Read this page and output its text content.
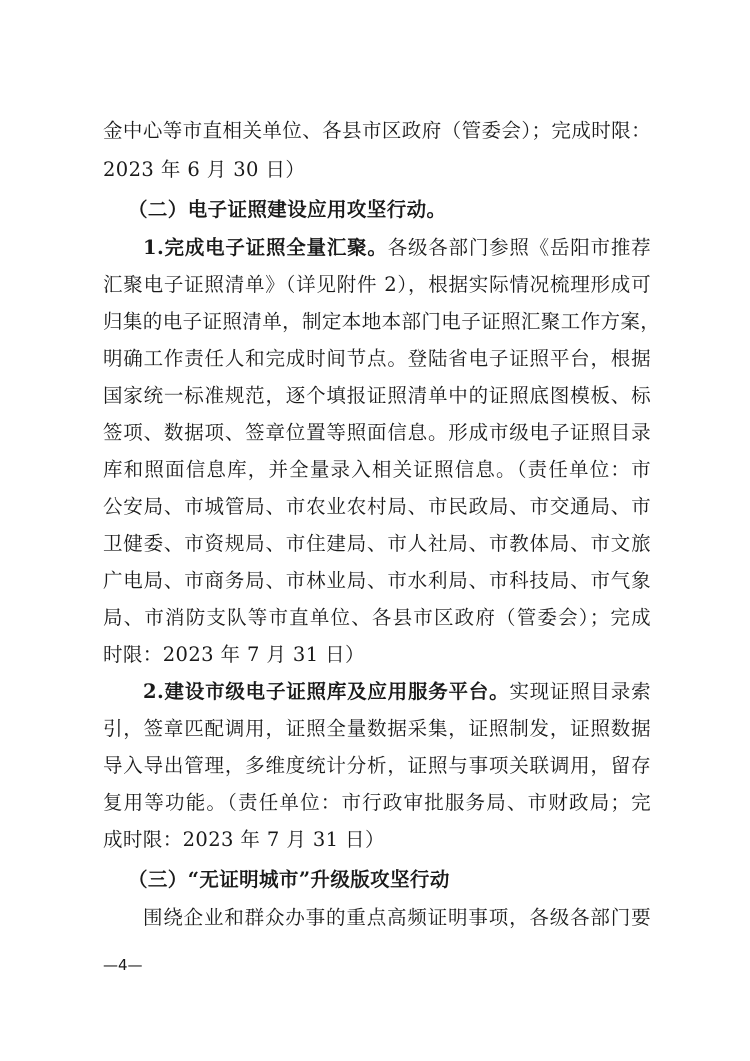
金中心等市直相关单位、各县市区政府（管委会）；完成时限：
2023 年 6 月 30 日）
（二）电子证照建设应用攻坚行动。
1.完成电子证照全量汇聚。各级各部门参照《岳阳市推荐
汇聚电子证照清单》（详见附件 2），根据实际情况梳理形成可
归集的电子证照清单，制定本地本部门电子证照汇聚工作方案，
明确工作责任人和完成时间节点。登陆省电子证照平台，根据
国家统一标准规范，逐个填报证照清单中的证照底图模板、标
签项、数据项、签章位置等照面信息。形成市级电子证照目录
库和照面信息库，并全量录入相关证照信息。（责任单位：市
公安局、市城管局、市农业农村局、市民政局、市交通局、市
卫健委、市资规局、市住建局、市人社局、市教体局、市文旅
广电局、市商务局、市林业局、市水利局、市科技局、市气象
局、市消防支队等市直单位、各县市区政府（管委会）；完成
时限：2023 年 7 月 31 日）
2.建设市级电子证照库及应用服务平台。实现证照目录索
引，签章匹配调用，证照全量数据采集，证照制发，证照数据
导入导出管理，多维度统计分析，证照与事项关联调用，留存
复用等功能。（责任单位：市行政审批服务局、市财政局；完
成时限：2023 年 7 月 31 日）
（三）“无证明城市”升级版攻坚行动
围绕企业和群众办事的重点高频证明事项，各级各部门要
—4—
